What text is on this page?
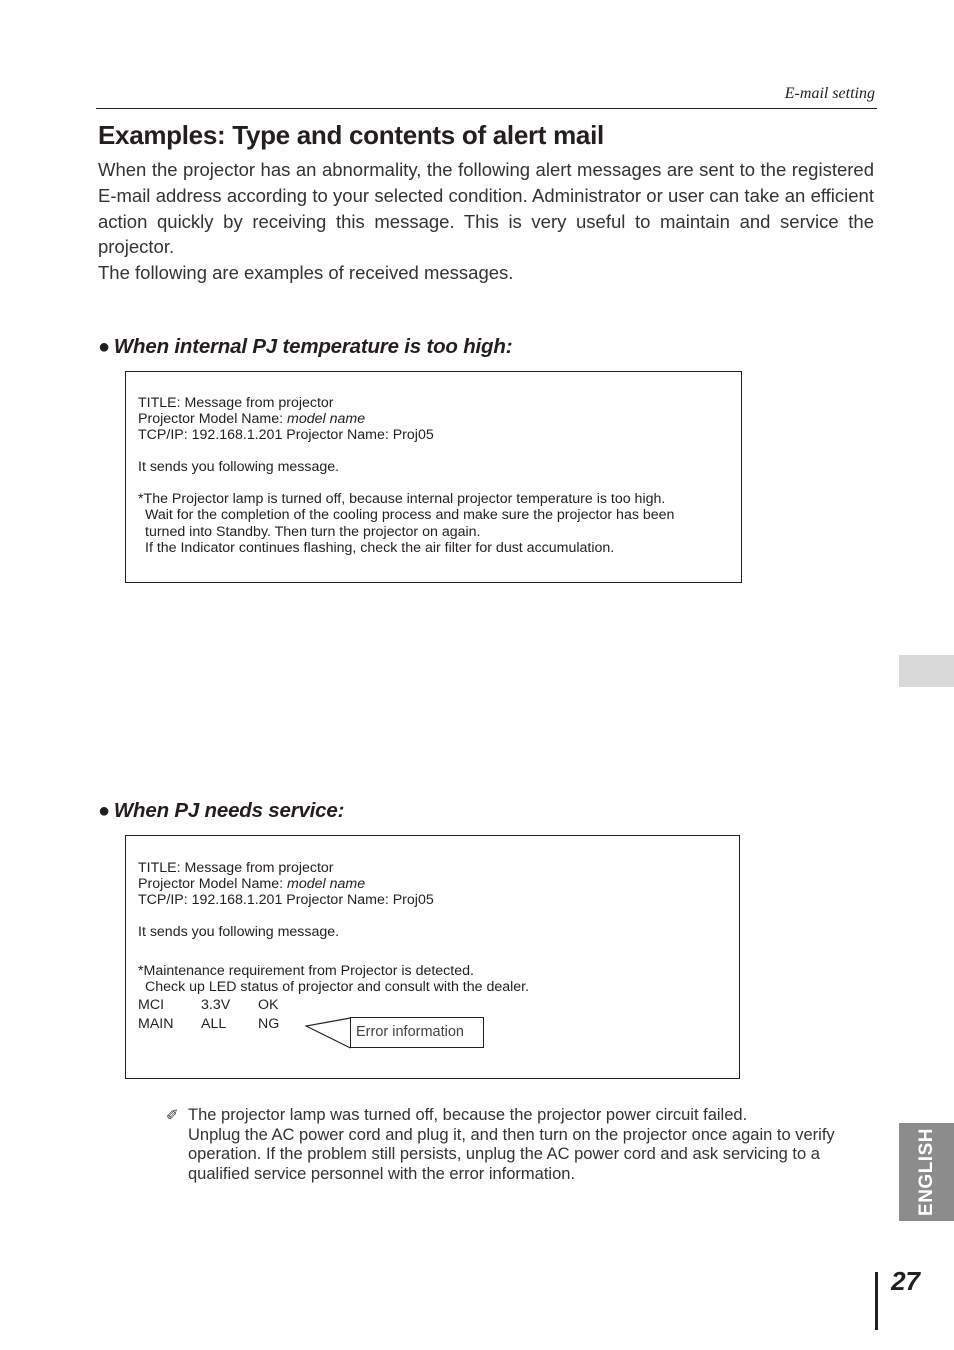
E-mail setting
Examples: Type and contents of alert mail

When the projector has an abnormality, the following alert messages are sent to the registered E-mail address according to your selected condition. Administrator or user can take an efficient action quickly by receiving this message. This is very useful to maintain and service the projector.

The following are examples of received messages.

● When internal PJ temperature is too high:
TITLE: Message from projector
Projector Model Name: model name
TCP/IP: 192.168.1.201 Projector Name: Proj05
It sends you following message.
*The Projector lamp is turned off, because internal projector temperature is too high.
Wait for the completion of the cooling process and make sure the projector has been
turned into Standby. Then turn the projector on again.
If the Indicator continues flashing, check the air filter for dust accumulation.
● When PJ needs service:
TITLE: Message from projector
Projector Model Name: model name
TCP/IP: 192.168.1.201 Projector Name: Proj05
It sends you following message.
*Maintenance requirement from Projector is detected.
Check up LED status of projector and consult with the dealer.
MCI	3.3V	OK
MAIN	ALL	NG
Error information
✐ The projector lamp was turned off, because the projector power circuit failed.
Unplug the AC power cord and plug it, and then turn on the projector once again to verify operation. If the problem still persists, unplug the AC power cord and ask servicing to a qualified service personnel with the error information.	ENGLISH
27
